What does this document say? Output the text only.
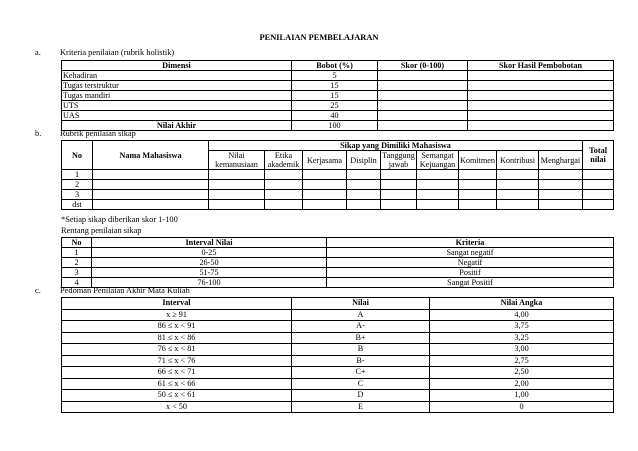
PENILAIAN PEMBELAJARAN
a. Kriteria penilaian (rubrik holistik)
Dimensi	Bobot (%)	Skor (0-100)	Skor Hasil Pembobotan
Kehadiran	5		
Tugas terstruktur	15		
Tugas mandiri	15		
UTS	25		
UAS	40		
Nilai Akhir	100		
b. Rubrik penilaian sikap
No	Nama Mahasiswa	Sikap yang Dimiliki Mahasiswa									Total nilai
		Nilai kemanusiaan	Etika akademik	Kerjasama	Disiplin	Tanggung jawab	Semangat Kejuangan	Komitmen	Kontribusi	Menghargai	
1											
2											
3											
dst											
*Setiap sikap diberikan skor 1-100
Rentang penilaian sikap
No	Interval Nilai	Kriteria
1	0-25	Sangat negatif
2	26-50	Negatif
3	51-75	Positif
4	76-100	Sangat Positif
c. Pedoman Penilaian Akhir Mata Kuliah
Interval	Nilai	Nilai Angka
x ≥ 91	A	4,00
86 ≤ x < 91	A-	3,75
81 ≤ x < 86	B+	3,25
76 ≤ x < 81	B	3,00
71 ≤ x < 76	B-	2,75
66 ≤ x < 71	C+	2,50
61 ≤ x < 66	C	2,00
50 ≤ x < 61	D	1,00
x < 50	E	0
